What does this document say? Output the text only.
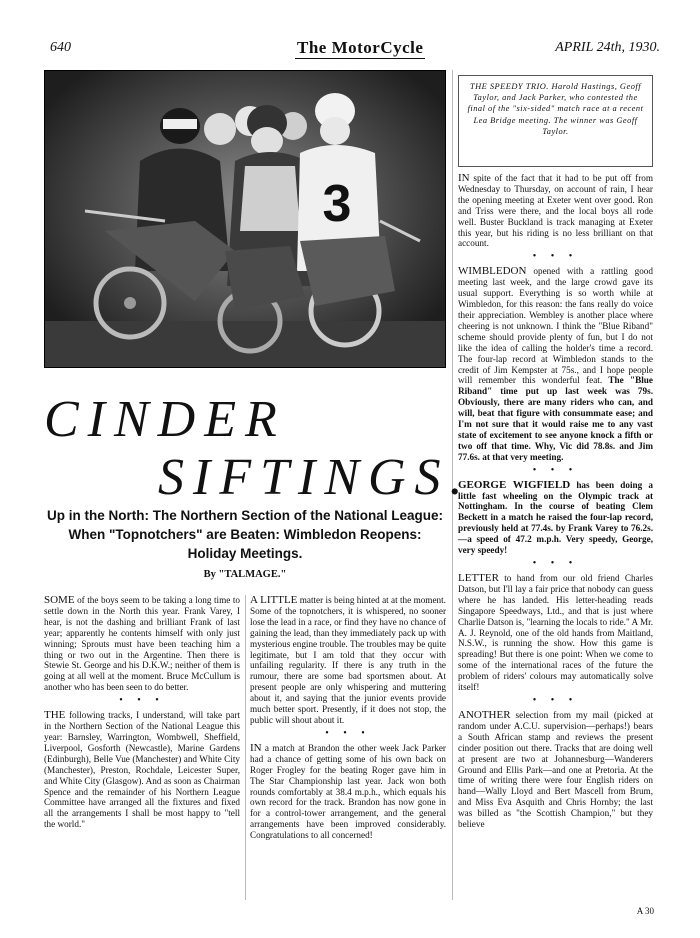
640	The MotorCycle	APRIL 24th, 1930.
3

THE SPEEDY TRIO. Harold Hastings, Geoff Taylor, and Jack Parker, who contested the final of the "six-sided" match race at a recent Lea Bridge meeting. The winner was Geoff Taylor.

CINDER
SIFTINGS.
Up in the North: The Northern Section of the National League: When "Topnotchers" are Beaten: Wimbledon Reopens: Holiday Meetings.
By "TALMAGE."

SOME of the boys seem to be taking a long time to settle down in the North this year. Frank Varey, I hear, is not the dashing and brilliant Frank of last year; apparently he contents himself with only just winning; Sprouts must have been teaching him a thing or two out in the Argentine. Then there is Stewie St. George and his D.K.W.; neither of them is going at all well at the moment. Bruce McCullum is another who has been seen to do better.

• • •

THE following tracks, I understand, will take part in the Northern Section of the National League this year: Barnsley, Warrington, Wombwell, Sheffield, Liverpool, Gosforth (Newcastle), Marine Gardens (Edinburgh), Belle Vue (Manchester) and White City (Manchester), Preston, Rochdale, Leicester Super, and White City (Glasgow). And as soon as Chairman Spence and the remainder of his Northern League Committee have arranged all the fixtures and fixed all the arrangements I shall be most happy to "tell the world."

A LITTLE matter is being hinted at at the moment. Some of the topnotchers, it is whispered, no sooner lose the lead in a race, or find they have no chance of gaining the lead, than they immediately pack up with mysterious engine trouble. The troubles may be quite legitimate, but I am told that they occur with unfailing regularity. If there is any truth in the rumour, there are some bad sportsmen about. At present people are only whispering and muttering about it, and saying that the junior events provide much better sport. Presently, if it does not stop, the public will shout about it.

• • •

IN a match at Brandon the other week Jack Parker had a chance of getting some of his own back on Roger Frogley for the beating Roger gave him in The Star Championship last year. Jack won both rounds comfortably at 38.4 m.p.h., which equals his own record for the track. Brandon has now gone in for a control-tower arrangement, and the general arrangements have been improved considerably. Congratulations to all concerned!

IN spite of the fact that it had to be put off from Wednesday to Thursday, on account of rain, I hear the opening meeting at Exeter went over good. Ron and Triss were there, and the local boys all rode well. Buster Buckland is track managing at Exeter this year, but his riding is no less brilliant on that account.

• • •

WIMBLEDON opened with a rattling good meeting last week, and the large crowd gave its usual support. Everything is so worth while at Wimbledon, for this reason: the fans really do voice their appreciation. Wembley is another place where cheering is not unknown. I think the "Blue Riband" scheme should provide plenty of fun, but I do not like the idea of calling the holder's time a record. The four-lap record at Wimbledon stands to the credit of Jim Kempster at 75s., and I hope people will remember this wonderful feat. The "Blue Riband" time put up last week was 79s. Obviously, there are many riders who can, and will, beat that figure with consummate ease; and I'm not sure that it would raise me to any vast state of excitement to see anyone knock a fifth or two off that time. Why, Vic did 78.8s. and Jim 77.6s. at that very meeting.

• • •

GEORGE WIGFIELD has been doing a little fast wheeling on the Olympic track at Nottingham. In the course of beating Clem Beckett in a match he raised the four-lap record, previously held at 77.4s. by Frank Varey to 76.2s.—a speed of 47.2 m.p.h. Very speedy, George, very speedy!

• • •

LETTER to hand from our old friend Charles Datson, but I'll lay a fair price that nobody can guess where he has landed. His letter-heading reads Singapore Speedways, Ltd., and that is just where Charlie Datson is, "learning the locals to ride." A Mr. A. J. Reynold, one of the old hands from Maitland, N.S.W., is running the show. How this game is spreading! But there is one point: When we come to some of the international races of the future the problem of riders' colours may automatically solve itself!

• • •

ANOTHER selection from my mail (picked at random under A.C.U. supervision—perhaps!) bears a South African stamp and reviews the present cinder position out there. Tracks that are doing well at present are two at Johannesburg—Wanderers Ground and Ellis Park—and one at Pretoria. At the time of writing there were four English riders on hand—Wally Lloyd and Bert Mascell from Brum, and Miss Eva Asquith and Chris Hornby; the last was billed as "the Scottish Champion," but they believe

A 30
